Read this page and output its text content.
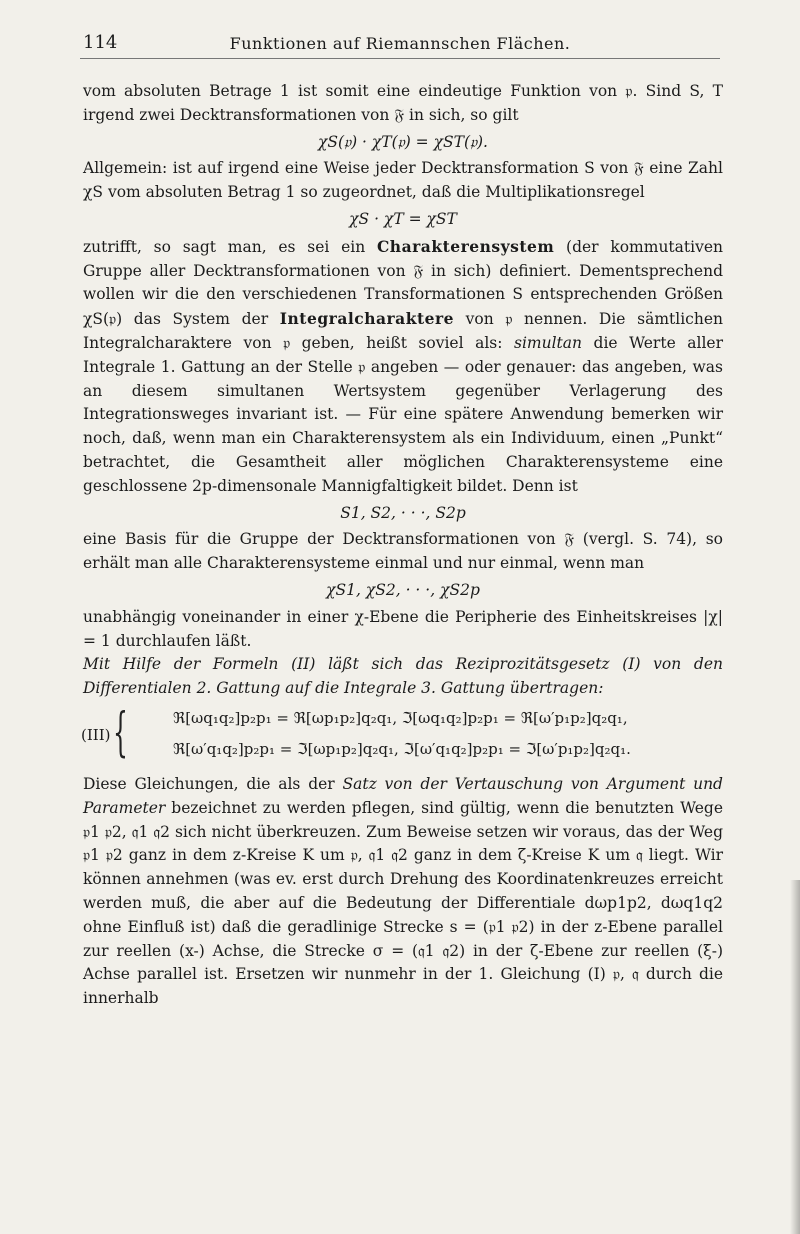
114	Funktionen auf Riemannschen Flächen.

vom absoluten Betrage 1 ist somit eine eindeutige Funktion von 𝔭. Sind S, T irgend zwei Decktransformationen von 𝔉 in sich, so gilt

χS(𝔭) · χT(𝔭) = χST(𝔭).

Allgemein: ist auf irgend eine Weise jeder Decktransformation S von 𝔉 eine Zahl χS vom absoluten Betrag 1 so zugeordnet, daß die Multiplikationsregel

χS · χT = χST

zutrifft, so sagt man, es sei ein Charakterensystem (der kommutativen Gruppe aller Decktransformationen von 𝔉 in sich) definiert. Dementsprechend wollen wir die den verschiedenen Transformationen S entsprechenden Größen χS(𝔭) das System der Integralcharaktere von 𝔭 nennen. Die sämtlichen Integralcharaktere von 𝔭 geben, heißt soviel als: simultan die Werte aller Integrale 1. Gattung an der Stelle 𝔭 angeben — oder genauer: das angeben, was an diesem simultanen Wertsystem gegenüber Verlagerung des Integrationsweges invariant ist. — Für eine spätere Anwendung bemerken wir noch, daß, wenn man ein Charakterensystem als ein Individuum, einen „Punkt“ betrachtet, die Gesamtheit aller möglichen Charakterensysteme eine geschlossene 2p-dimensonale Mannigfaltigkeit bildet. Denn ist

S1, S2, · · ·, S2p

eine Basis für die Gruppe der Decktransformationen von 𝔉 (vergl. S. 74), so erhält man alle Charakterensysteme einmal und nur einmal, wenn man

χS1, χS2, · · ·, χS2p

unabhängig voneinander in einer χ-Ebene die Peripherie des Einheitskreises |χ| = 1 durchlaufen läßt.

Mit Hilfe der Formeln (II) läßt sich das Reziprozitätsgesetz (I) von den Differentialen 2. Gattung auf die Integrale 3. Gattung übertragen:

(III) {	ℜ[ωq₁q₂]p₂p₁ = ℜ[ωp₁p₂]q₂q₁, ℑ[ωq₁q₂]p₂p₁ = ℜ[ω′p₁p₂]q₂q₁,
ℜ[ω′q₁q₂]p₂p₁ = ℑ[ωp₁p₂]q₂q₁, ℑ[ω′q₁q₂]p₂p₁ = ℑ[ω′p₁p₂]q₂q₁.

Diese Gleichungen, die als der Satz von der Vertauschung von Argument und Parameter bezeichnet zu werden pflegen, sind gültig, wenn die benutzten Wege 𝔭1 𝔭2, 𝔮1 𝔮2 sich nicht überkreuzen. Zum Beweise setzen wir voraus, das der Weg 𝔭1 𝔭2 ganz in dem z-Kreise K um 𝔭, 𝔮1 𝔮2 ganz in dem ζ-Kreise K um 𝔮 liegt. Wir können annehmen (was ev. erst durch Drehung des Koordinatenkreuzes erreicht werden muß, die aber auf die Bedeutung der Differentiale dωp1p2, dωq1q2 ohne Einfluß ist) daß die geradlinige Strecke s = (𝔭1 𝔭2) in der z-Ebene parallel zur reellen (x-) Achse, die Strecke σ = (𝔮1 𝔮2) in der ζ-Ebene zur reellen (ξ-) Achse parallel ist. Ersetzen wir nunmehr in der 1. Gleichung (I) 𝔭, 𝔮 durch die innerhalb
